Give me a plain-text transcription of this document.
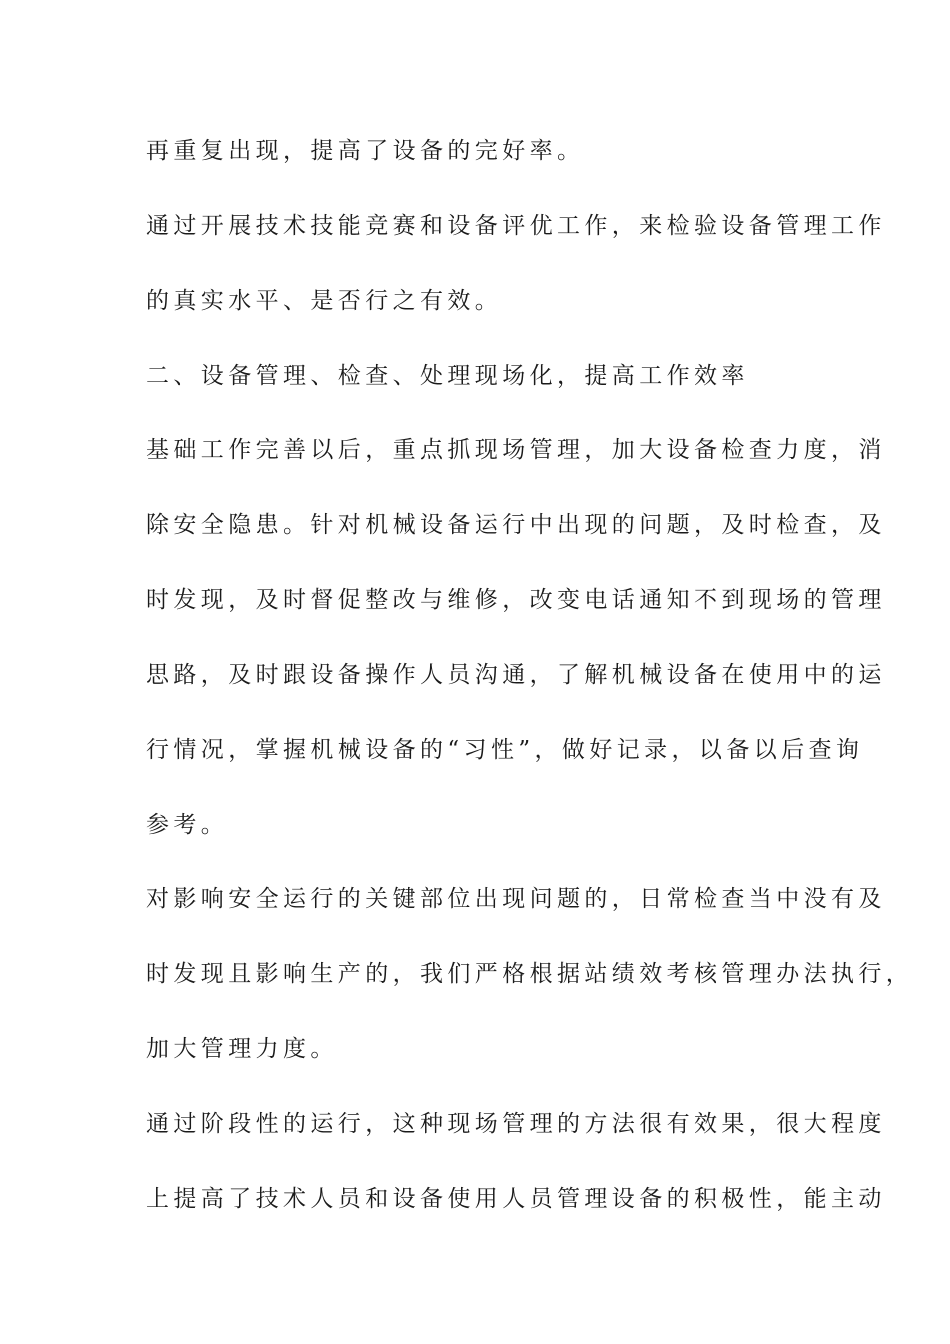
再重复出现，提高了设备的完好率。
通过开展技术技能竞赛和设备评优工作，来检验设备管理工作
的真实水平、是否行之有效。
二、设备管理、检查、处理现场化，提高工作效率
基础工作完善以后，重点抓现场管理，加大设备检查力度，消
除安全隐患。针对机械设备运行中出现的问题，及时检查，及
时发现，及时督促整改与维修，改变电话通知不到现场的管理
思路，及时跟设备操作人员沟通，了解机械设备在使用中的运
行情况，掌握机械设备的“习性”，做好记录，以备以后查询
参考。
对影响安全运行的关键部位出现问题的，日常检查当中没有及
时发现且影响生产的，我们严格根据站绩效考核管理办法执行，
加大管理力度。
通过阶段性的运行，这种现场管理的方法很有效果，很大程度
上提高了技术人员和设备使用人员管理设备的积极性，能主动
